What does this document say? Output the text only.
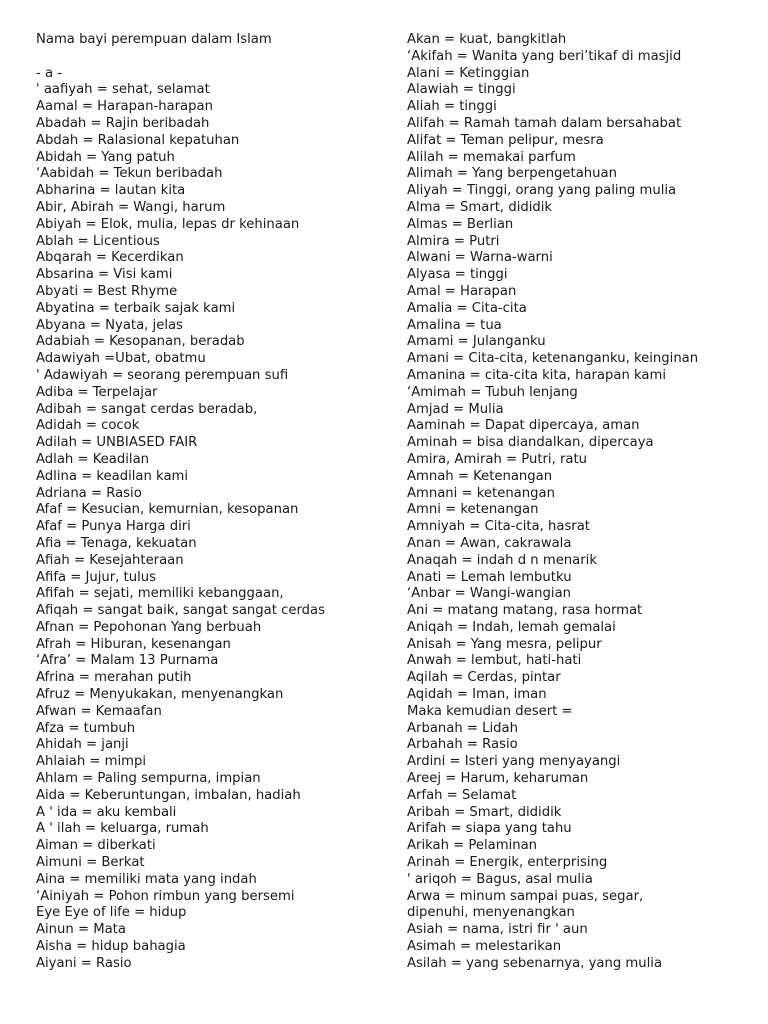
Nama bayi perempuan dalam Islam
- a -
' aafiyah = sehat, selamat
Aamal = Harapan-harapan
Abadah = Rajin beribadah
Abdah = Ralasional kepatuhan
Abidah = Yang patuh
‘Aabidah = Tekun beribadah
Abharina = lautan kita
Abir, Abirah = Wangi, harum
Abiyah = Elok, mulia, lepas dr kehinaan
Ablah = Licentious
Abqarah = Kecerdikan
Absarina = Visi kami
Abyati = Best Rhyme
Abyatina = terbaik sajak kami
Abyana = Nyata, jelas
Adabiah = Kesopanan, beradab
Adawiyah =Ubat, obatmu
' Adawiyah = seorang perempuan sufi
Adiba = Terpelajar
Adibah = sangat cerdas beradab,
Adidah = cocok
Adilah = UNBIASED FAIR
Adlah = Keadilan
Adlina = keadilan kami
Adriana = Rasio
Afaf = Kesucian, kemurnian, kesopanan
Afaf = Punya Harga diri
Afia = Tenaga, kekuatan
Afiah = Kesejahteraan
Afifa = Jujur, tulus
Afifah = sejati, memiliki kebanggaan,
Afiqah = sangat baik, sangat sangat cerdas
Afnan = Pepohonan Yang berbuah
Afrah = Hiburan, kesenangan
‘Afra’ = Malam 13 Purnama
Afrina = merahan putih
Afruz = Menyukakan, menyenangkan
Afwan = Kemaafan
Afza = tumbuh
Ahidah = janji
Ahlaiah = mimpi
Ahlam = Paling sempurna, impian
Aida = Keberuntungan, imbalan, hadiah
A ' ida = aku kembali
A ' ilah = keluarga, rumah
Aiman = diberkati
Aimuni = Berkat
Aina = memiliki mata yang indah
‘Ainiyah = Pohon rimbun yang bersemi
Eye Eye of life = hidup
Ainun = Mata
Aisha = hidup bahagia
Aiyani = Rasio
Akan = kuat, bangkitlah
‘Akifah = Wanita yang beri’tikaf di masjid
Alani = Ketinggian
Alawiah = tinggi
Aliah = tinggi
Alifah = Ramah tamah dalam bersahabat
Alifat = Teman pelipur, mesra
Alilah = memakai parfum
Alimah = Yang berpengetahuan
Aliyah = Tinggi, orang yang paling mulia
Alma = Smart, dididik
Almas = Berlian
Almira = Putri
Alwani = Warna-warni
Alyasa = tinggi
Amal = Harapan
Amalia = Cita-cita
Amalina = tua
Amami = Julanganku
Amani = Cita-cita, ketenanganku, keinginan
Amanina = cita-cita kita, harapan kami
‘Amimah = Tubuh lenjang
Amjad = Mulia
Aaminah = Dapat dipercaya, aman
Aminah = bisa diandalkan, dipercaya
Amira, Amirah = Putri, ratu
Amnah = Ketenangan
Amnani = ketenangan
Amni = ketenangan
Amniyah = Cita-cita, hasrat
Anan = Awan, cakrawala
Anaqah = indah d n menarik
Anati = Lemah lembutku
‘Anbar = Wangi-wangian
Ani = matang matang, rasa hormat
Aniqah = Indah, lemah gemalai
Anisah = Yang mesra, pelipur
Anwah = lembut, hati-hati
Aqilah = Cerdas, pintar
Aqidah = Iman, iman
Maka kemudian desert =
Arbanah = Lidah
Arbahah = Rasio
Ardini = Isteri yang menyayangi
Areej = Harum, keharuman
Arfah = Selamat
Aribah = Smart, dididik
Arifah = siapa yang tahu
Arikah = Pelaminan
Arinah = Energik, enterprising
' ariqoh = Bagus, asal mulia
Arwa = minum sampai puas, segar,
dipenuhi, menyenangkan
Asiah = nama, istri fir ' aun
Asimah = melestarikan
Asilah = yang sebenarnya, yang mulia
